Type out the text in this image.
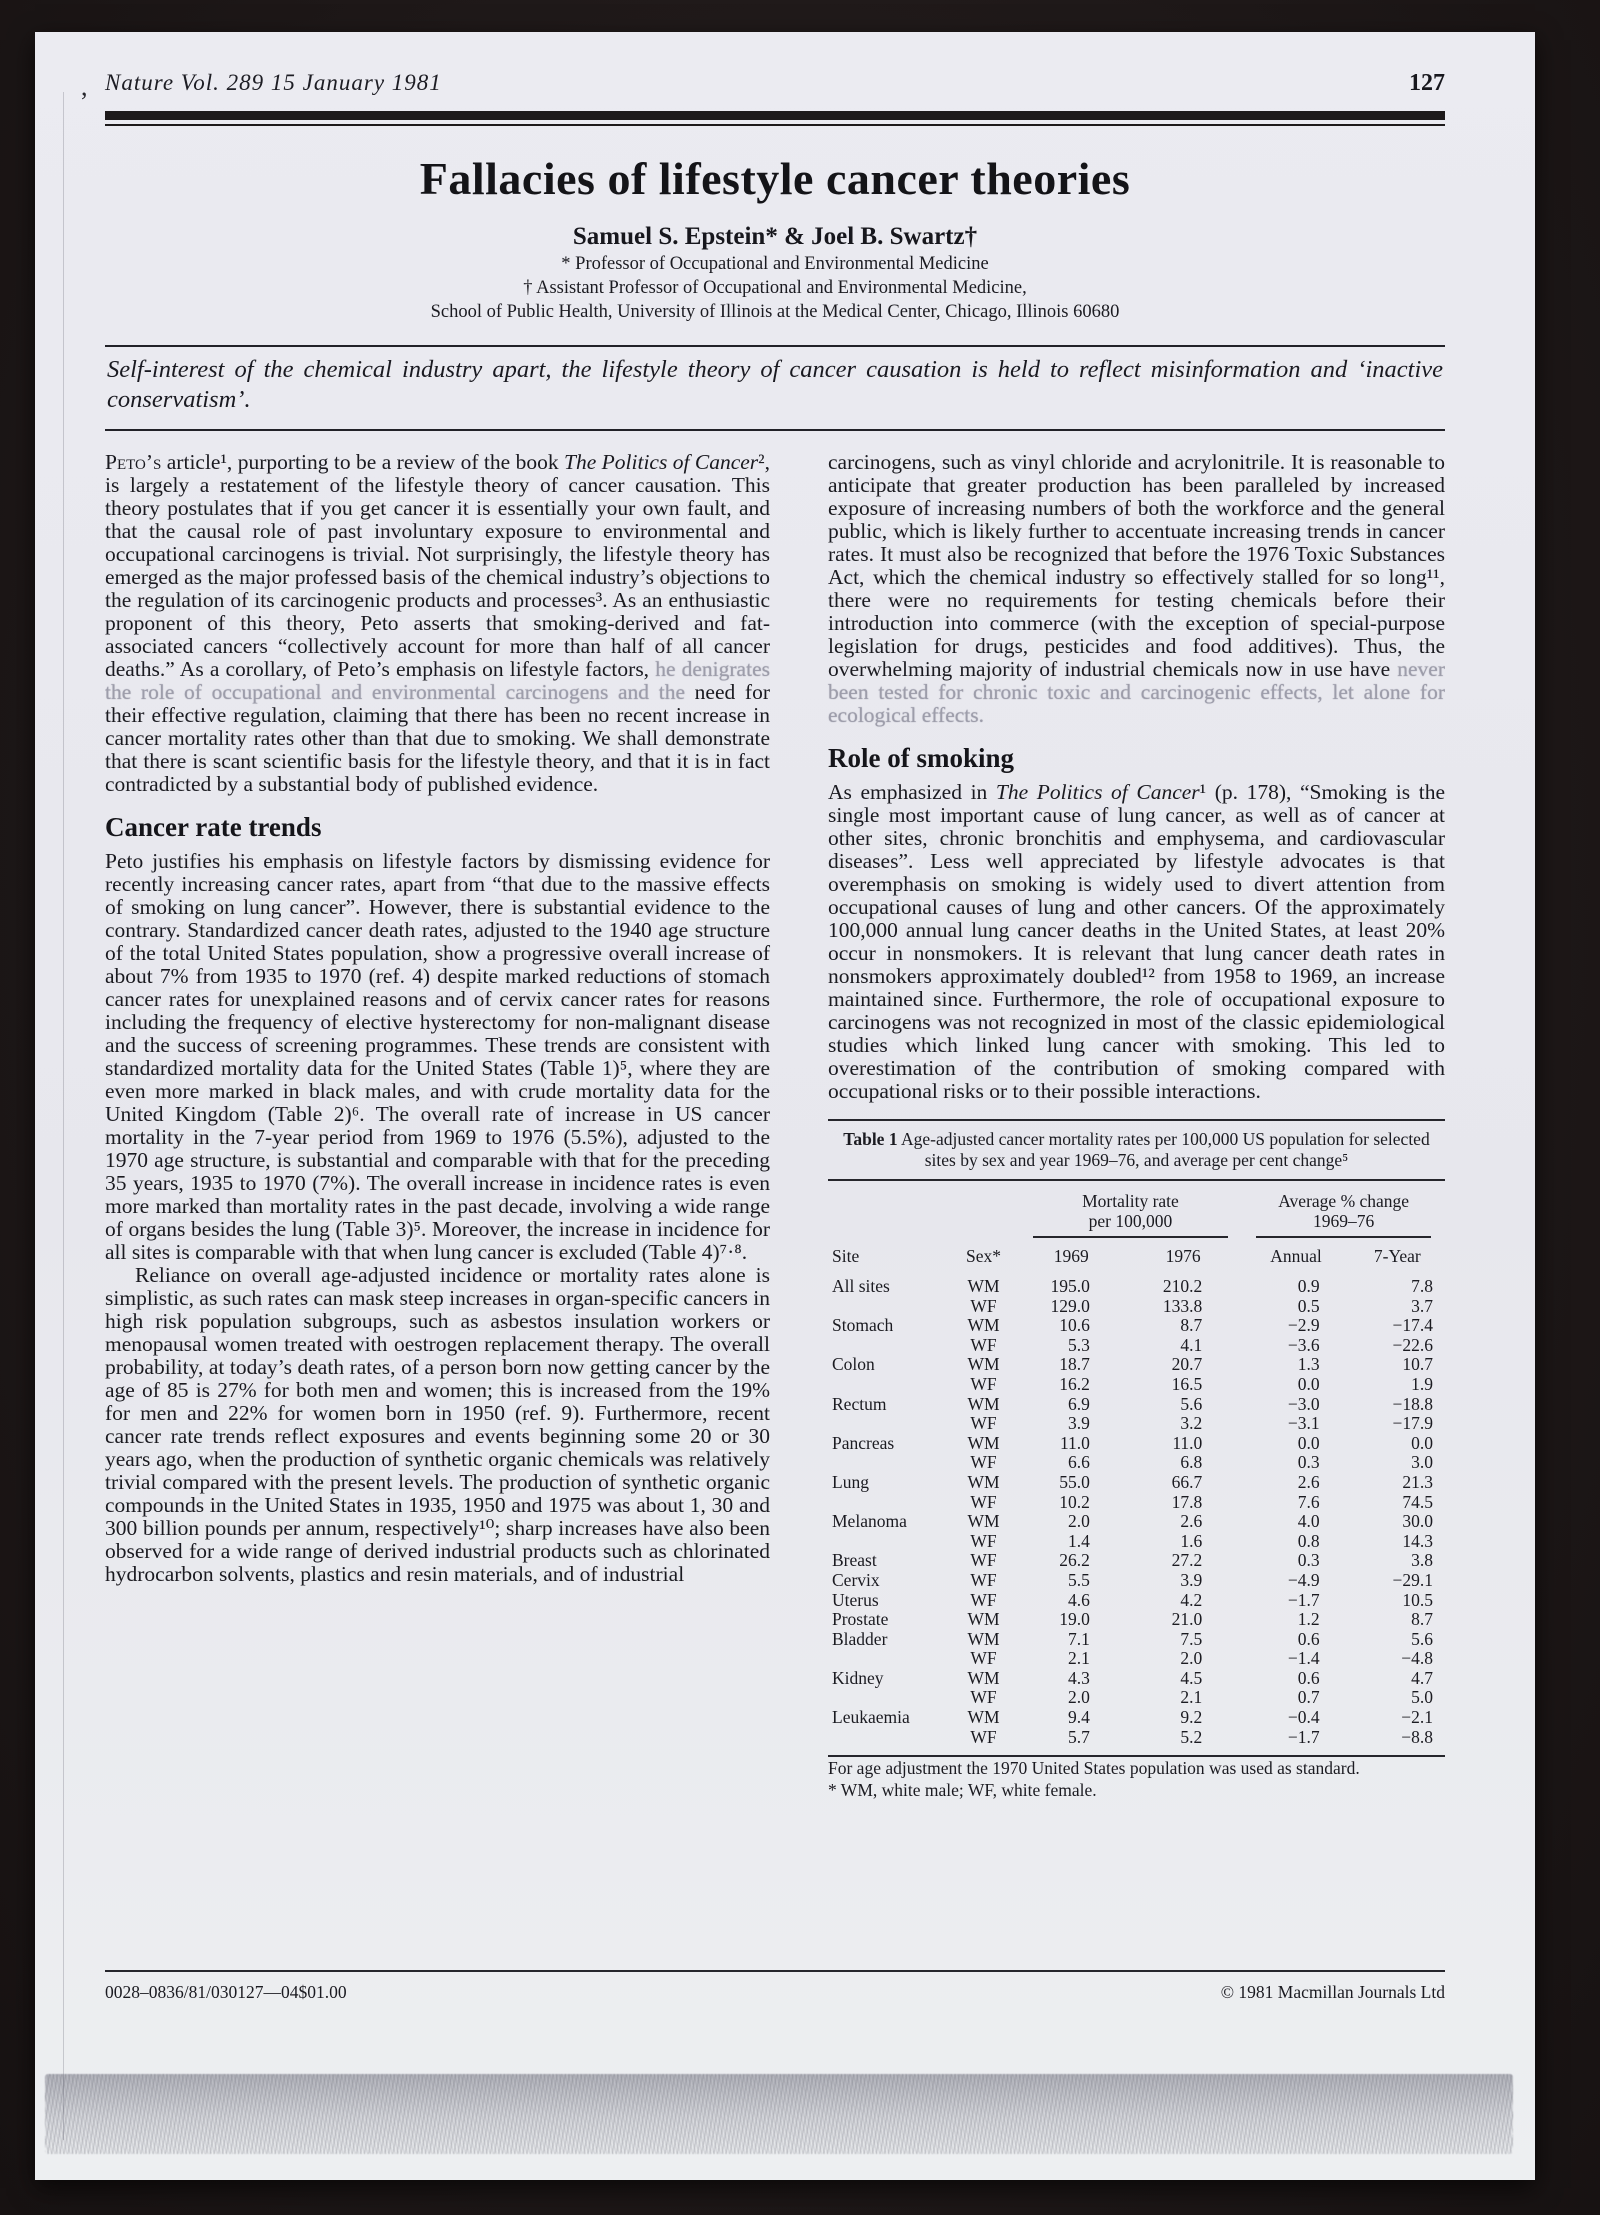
, Nature Vol. 289 15 January 1981	127
Fallacies of lifestyle cancer theories
Samuel S. Epstein* & Joel B. Swartz†
* Professor of Occupational and Environmental Medicine
† Assistant Professor of Occupational and Environmental Medicine,
School of Public Health, University of Illinois at the Medical Center, Chicago, Illinois 60680

Self-interest of the chemical industry apart, the lifestyle theory of cancer causation is held to reflect misinformation and ‘inactive conservatism’.

Peto’s article¹, purporting to be a review of the book The Politics of Cancer², is largely a restatement of the lifestyle theory of cancer causation. This theory postulates that if you get cancer it is essentially your own fault, and that the causal role of past involuntary exposure to environmental and occupational carcinogens is trivial. Not surprisingly, the lifestyle theory has emerged as the major professed basis of the chemical industry’s objections to the regulation of its carcinogenic products and processes³. As an enthusiastic proponent of this theory, Peto asserts that smoking-derived and fat-associated cancers “collectively account for more than half of all cancer deaths.” As a corollary, of Peto’s emphasis on lifestyle factors, he denigrates the role of occupational and environmental carcinogens and the need for their effective regulation, claiming that there has been no recent increase in cancer mortality rates other than that due to smoking. We shall demonstrate that there is scant scientific basis for the lifestyle theory, and that it is in fact contradicted by a substantial body of published evidence.

Cancer rate trends

Peto justifies his emphasis on lifestyle factors by dismissing evidence for recently increasing cancer rates, apart from “that due to the massive effects of smoking on lung cancer”. However, there is substantial evidence to the contrary. Standardized cancer death rates, adjusted to the 1940 age structure of the total United States population, show a progressive overall increase of about 7% from 1935 to 1970 (ref. 4) despite marked reductions of stomach cancer rates for unexplained reasons and of cervix cancer rates for reasons including the frequency of elective hysterectomy for non-malignant disease and the success of screening programmes. These trends are consistent with standardized mortality data for the United States (Table 1)⁵, where they are even more marked in black males, and with crude mortality data for the United Kingdom (Table 2)⁶. The overall rate of increase in US cancer mortality in the 7-year period from 1969 to 1976 (5.5%), adjusted to the 1970 age structure, is substantial and comparable with that for the preceding 35 years, 1935 to 1970 (7%). The overall increase in incidence rates is even more marked than mortality rates in the past decade, involving a wide range of organs besides the lung (Table 3)⁵. Moreover, the increase in incidence for all sites is comparable with that when lung cancer is excluded (Table 4)⁷·⁸.

Reliance on overall age-adjusted incidence or mortality rates alone is simplistic, as such rates can mask steep increases in organ-specific cancers in high risk population subgroups, such as asbestos insulation workers or menopausal women treated with oestrogen replacement therapy. The overall probability, at today’s death rates, of a person born now getting cancer by the age of 85 is 27% for both men and women; this is increased from the 19% for men and 22% for women born in 1950 (ref. 9). Furthermore, recent cancer rate trends reflect exposures and events beginning some 20 or 30 years ago, when the production of synthetic organic chemicals was relatively trivial compared with the present levels. The production of synthetic organic compounds in the United States in 1935, 1950 and 1975 was about 1, 30 and 300 billion pounds per annum, respectively¹⁰; sharp increases have also been observed for a wide range of derived industrial products such as chlorinated hydrocarbon solvents, plastics and resin materials, and of industrial

carcinogens, such as vinyl chloride and acrylonitrile. It is reasonable to anticipate that greater production has been paralleled by increased exposure of increasing numbers of both the workforce and the general public, which is likely further to accentuate increasing trends in cancer rates. It must also be recognized that before the 1976 Toxic Substances Act, which the chemical industry so effectively stalled for so long¹¹, there were no requirements for testing chemicals before their introduction into commerce (with the exception of special-purpose legislation for drugs, pesticides and food additives). Thus, the overwhelming majority of industrial chemicals now in use have never been tested for chronic toxic and carcinogenic effects, let alone for ecological effects.

Role of smoking

As emphasized in The Politics of Cancer¹ (p. 178), “Smoking is the single most important cause of lung cancer, as well as of cancer at other sites, chronic bronchitis and emphysema, and cardiovascular diseases”. Less well appreciated by lifestyle advocates is that overemphasis on smoking is widely used to divert attention from occupational causes of lung and other cancers. Of the approximately 100,000 annual lung cancer deaths in the United States, at least 20% occur in nonsmokers. It is relevant that lung cancer death rates in nonsmokers approximately doubled¹² from 1958 to 1969, an increase maintained since. Furthermore, the role of occupational exposure to carcinogens was not recognized in most of the classic epidemiological studies which linked lung cancer with smoking. This led to overestimation of the contribution of smoking compared with occupational risks or to their possible interactions.

Table 1 Age-adjusted cancer mortality rates per 100,000 US population for selected sites by sex and year 1969–76, and average per cent change⁵

Mortality rate
per 100,000

Average % change
1969–76

Site	Sex*	1969	1976	Annual	7-Year
All sites	WM	195.0	210.2	0.9	7.8
	WF	129.0	133.8	0.5	3.7
Stomach	WM	10.6	8.7	−2.9	−17.4
	WF	5.3	4.1	−3.6	−22.6
Colon	WM	18.7	20.7	1.3	10.7
	WF	16.2	16.5	0.0	1.9
Rectum	WM	6.9	5.6	−3.0	−18.8
	WF	3.9	3.2	−3.1	−17.9
Pancreas	WM	11.0	11.0	0.0	0.0
	WF	6.6	6.8	0.3	3.0
Lung	WM	55.0	66.7	2.6	21.3
	WF	10.2	17.8	7.6	74.5
Melanoma	WM	2.0	2.6	4.0	30.0
	WF	1.4	1.6	0.8	14.3
Breast	WF	26.2	27.2	0.3	3.8
Cervix	WF	5.5	3.9	−4.9	−29.1
Uterus	WF	4.6	4.2	−1.7	10.5
Prostate	WM	19.0	21.0	1.2	8.7
Bladder	WM	7.1	7.5	0.6	5.6
	WF	2.1	2.0	−1.4	−4.8
Kidney	WM	4.3	4.5	0.6	4.7
	WF	2.0	2.1	0.7	5.0
Leukaemia	WM	9.4	9.2	−0.4	−2.1
	WF	5.7	5.2	−1.7	−8.8

For age adjustment the 1970 United States population was used as standard.

* WM, white male; WF, white female.

0028–0836/81/030127—04$01.00	© 1981 Macmillan Journals Ltd
